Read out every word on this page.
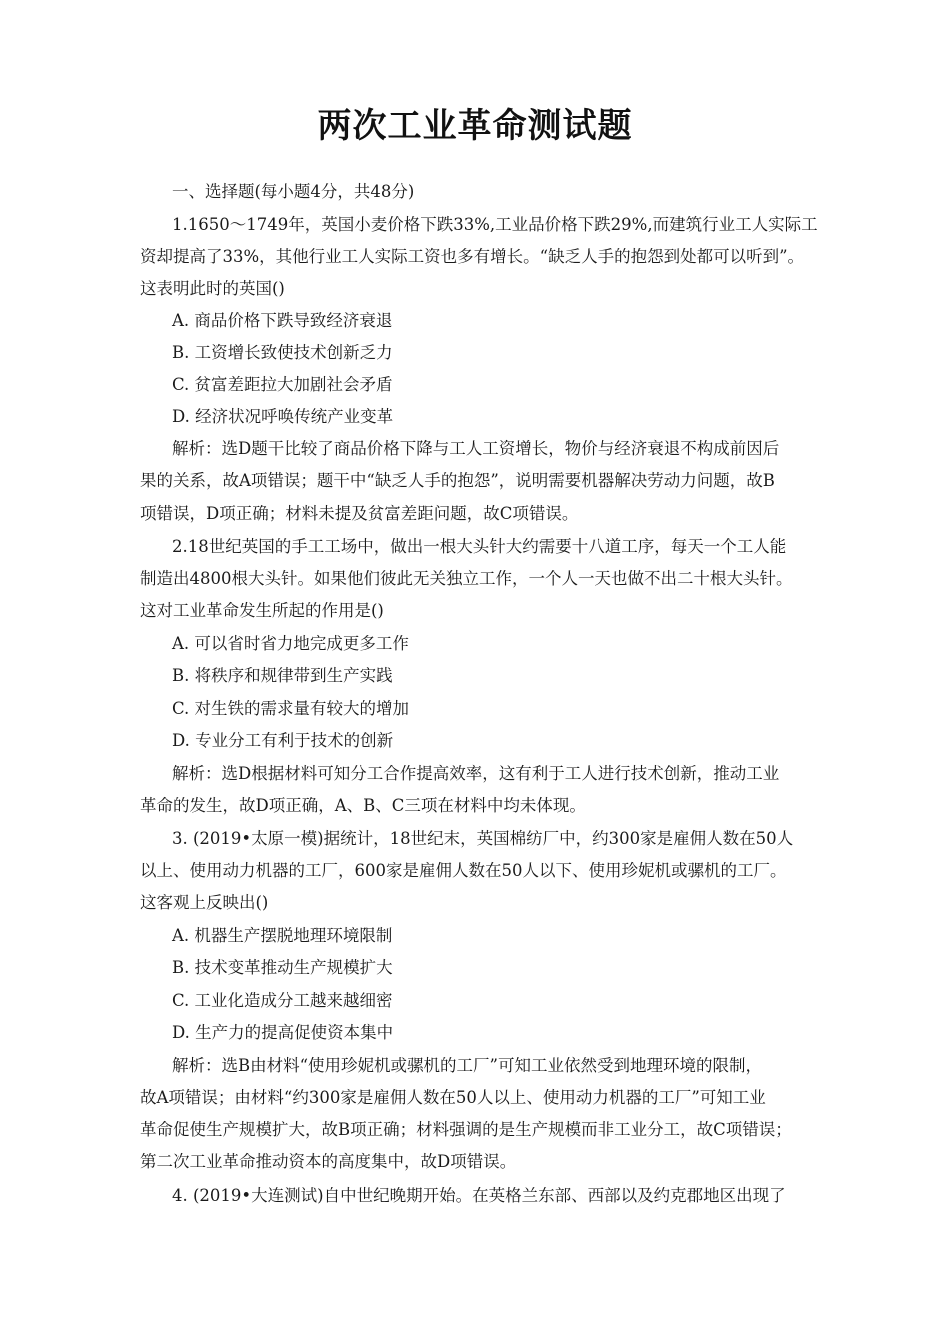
两次工业革命测试题
一、选择题(每小题4分，共48分)
1.1650～1749年，英国小麦价格下跌33%,工业品价格下跌29%,而建筑行业工人实际工
资却提高了33%，其他行业工人实际工资也多有增长。“缺乏人手的抱怨到处都可以听到”。
这表明此时的英国()
A. 商品价格下跌导致经济衰退
B. 工资增长致使技术创新乏力
C. 贫富差距拉大加剧社会矛盾
D. 经济状况呼唤传统产业变革
解析：选D题干比较了商品价格下降与工人工资增长，物价与经济衰退不构成前因后
果的关系，故A项错误；题干中“缺乏人手的抱怨”，说明需要机器解决劳动力问题，故B
项错误，D项正确；材料未提及贫富差距问题，故C项错误。
2.18世纪英国的手工工场中，做出一根大头针大约需要十八道工序，每天一个工人能
制造出4800根大头针。如果他们彼此无关独立工作，一个人一天也做不出二十根大头针。
这对工业革命发生所起的作用是()
A. 可以省时省力地完成更多工作
B. 将秩序和规律带到生产实践
C. 对生铁的需求量有较大的增加
D. 专业分工有利于技术的创新
解析：选D根据材料可知分工合作提高效率，这有利于工人进行技术创新，推动工业
革命的发生，故D项正确，A、B、C三项在材料中均未体现。
3. (2019•太原一模)据统计，18世纪末，英国棉纺厂中，约300家是雇佣人数在50人
以上、使用动力机器的工厂，600家是雇佣人数在50人以下、使用珍妮机或骡机的工厂。
这客观上反映出()
A. 机器生产摆脱地理环境限制
B. 技术变革推动生产规模扩大
C. 工业化造成分工越来越细密
D. 生产力的提高促使资本集中
解析：选B由材料“使用珍妮机或骡机的工厂”可知工业依然受到地理环境的限制，
故A项错误；由材料“约300家是雇佣人数在50人以上、使用动力机器的工厂”可知工业
革命促使生产规模扩大，故B项正确；材料强调的是生产规模而非工业分工，故C项错误；
第二次工业革命推动资本的高度集中，故D项错误。
4. (2019•大连测试)自中世纪晚期开始。在英格兰东部、西部以及约克郡地区出现了
